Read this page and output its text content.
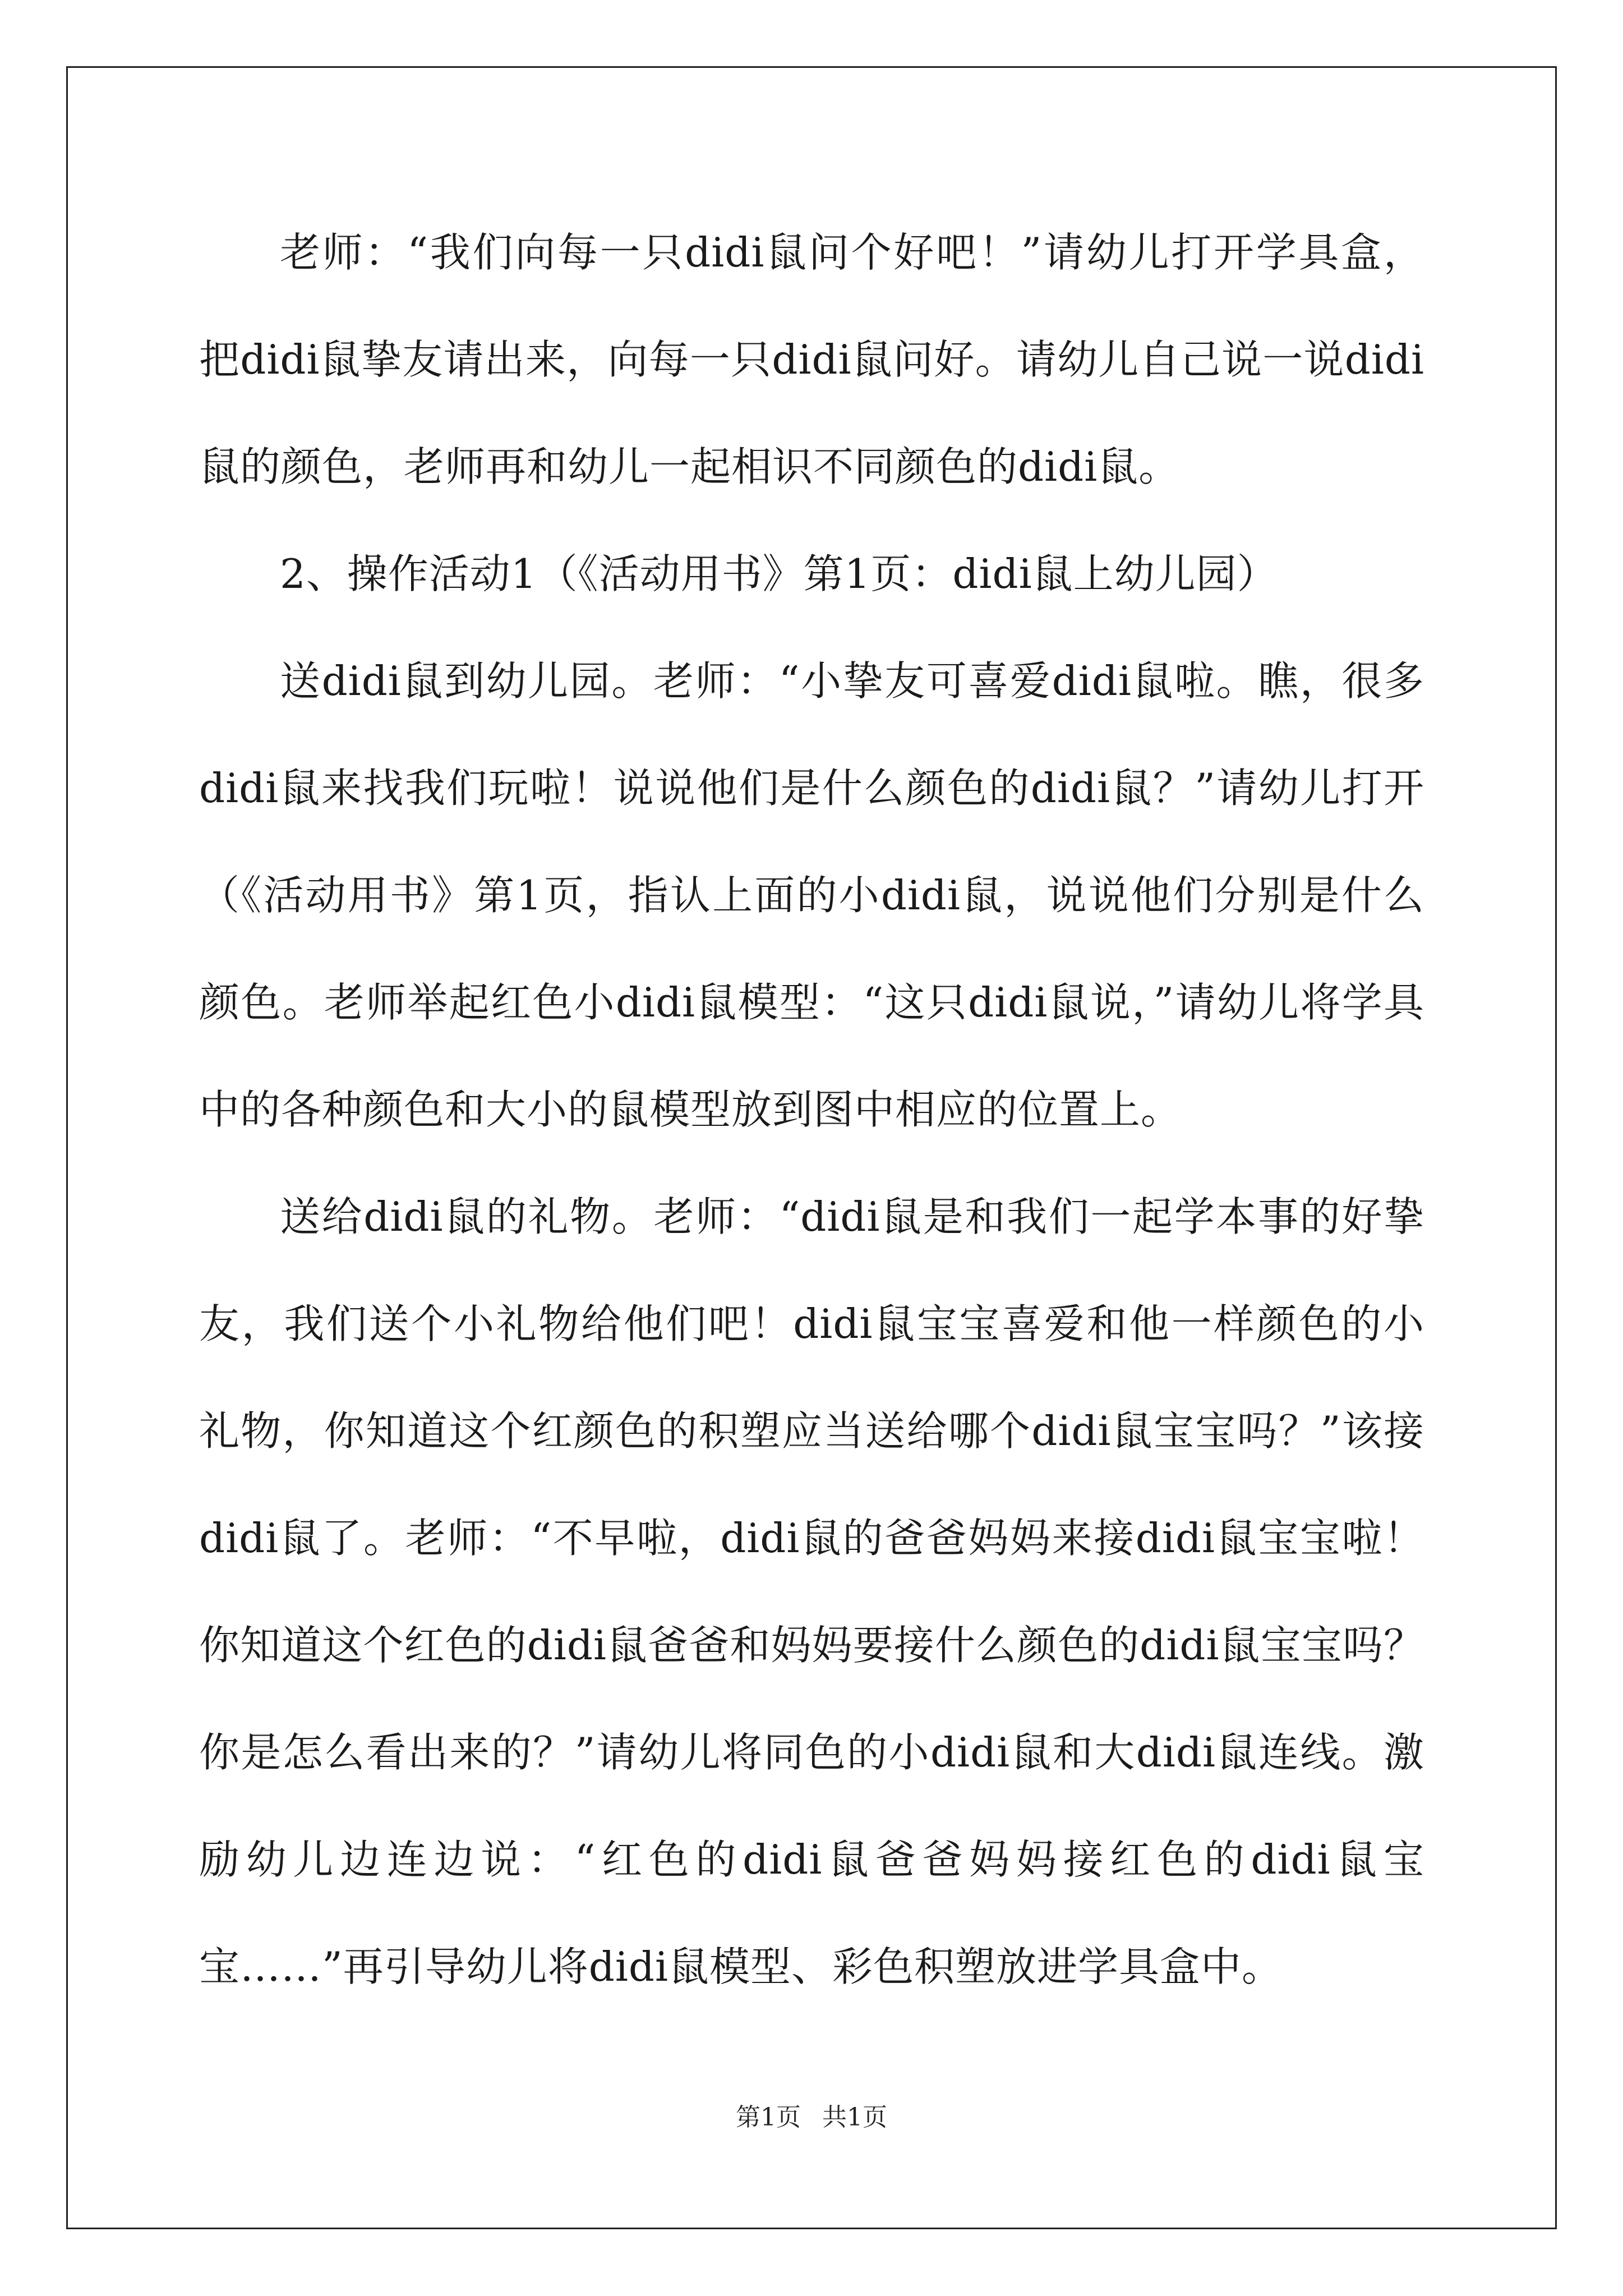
老师：“我们向每一只didi鼠问个好吧！”请幼儿打开学具盒，把didi鼠挚友请出来，向每一只didi鼠问好。请幼儿自己说一说didi鼠的颜色，老师再和幼儿一起相识不同颜色的didi鼠。

2、操作活动1（《活动用书》第1页：didi鼠上幼儿园）

送didi鼠到幼儿园。老师：“小挚友可喜爱didi鼠啦。瞧，很多didi鼠来找我们玩啦！说说他们是什么颜色的didi鼠？”请幼儿打开（《活动用书》第1页，指认上面的小didi鼠，说说他们分别是什么颜色。老师举起红色小didi鼠模型：“这只didi鼠说，”请幼儿将学具中的各种颜色和大小的鼠模型放到图中相应的位置上。

送给didi鼠的礼物。老师：“didi鼠是和我们一起学本事的好挚友，我们送个小礼物给他们吧！didi鼠宝宝喜爱和他一样颜色的小礼物，你知道这个红颜色的积塑应当送给哪个didi鼠宝宝吗？”该接didi鼠了。老师：“不早啦，didi鼠的爸爸妈妈来接didi鼠宝宝啦！你知道这个红色的didi鼠爸爸和妈妈要接什么颜色的didi鼠宝宝吗？你是怎么看出来的？”请幼儿将同色的小didi鼠和大didi鼠连线。激励幼儿边连边说：“红色的didi鼠爸爸妈妈接红色的didi鼠宝宝……”再引导幼儿将didi鼠模型、彩色积塑放进学具盒中。

第1页 共1页
